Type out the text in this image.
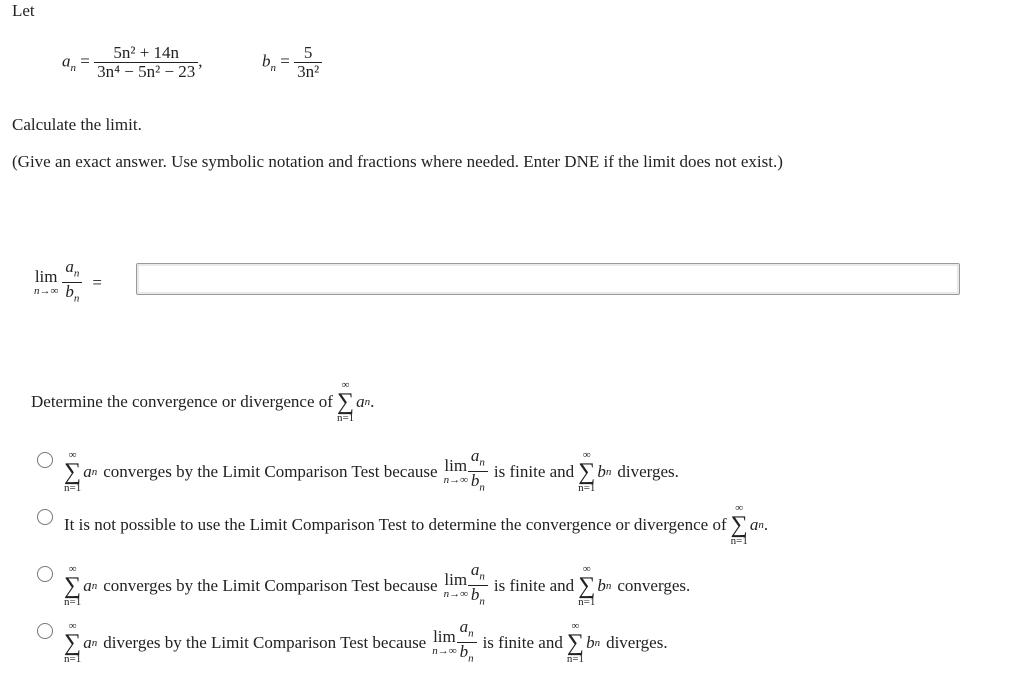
Let
$a_n = \frac{\text{5n² + 14n}}{\text{3n⁴ − 5n² − 23}}$ ,	$b_n = \frac{5}{\text{3n²}}$
Calculate the limit.
(Give an exact answer. Use symbolic notation and fractions where needed. Enter DNE if the limit does not exist.)
lim
$n\to\infty \frac{a_n}{b_n}$ =
Determine the convergence or divergence of
∞
∑
n=1
a n .
∞
∑
n=1
a n converges by the Limit Comparison Test because lim
$n\to\infty \frac{a_n}{b_n}$ is finite and
∞
∑
n=1
b n diverges.
It is not possible to use the Limit Comparison Test to determine the convergence or divergence of
∞
∑
n=1
a n .
∞
∑
n=1
a n converges by the Limit Comparison Test because lim
$n\to\infty \frac{a_n}{b_n}$ is finite and
∞
∑
n=1
b n converges.
∞
∑
n=1
a n diverges by the Limit Comparison Test because lim
$n\to\infty \frac{a_n}{b_n}$ is finite and
∞
∑
n=1
b n diverges.
